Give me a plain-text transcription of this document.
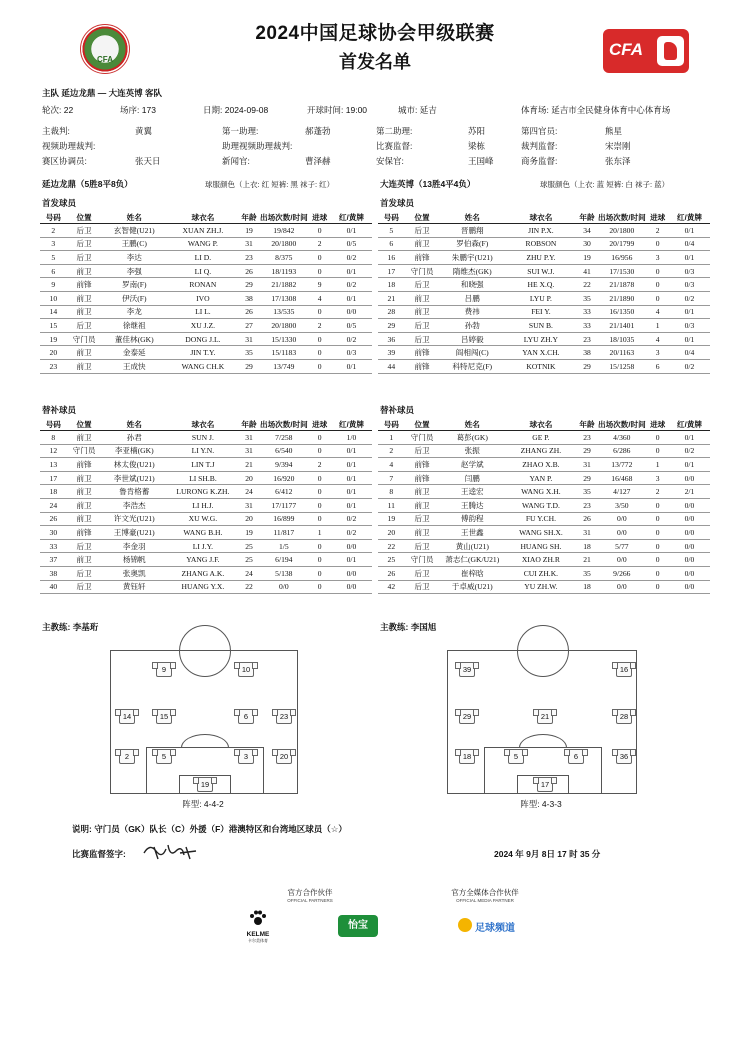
CFA
2024中国足球协会甲级联赛
首发名单
CFA
主队 延边龙鼎 — 大连英博 客队
轮次: 22	场序: 173	日期: 2024-09-08	开球时间: 19:00	城市: 延吉	体育场: 延吉市全民健身体育中心体育场
主裁判:	黄翼	第一助理:	郝蓬勃	第二助理:	苏阳	第四官员:	熊星
视频助理裁判:	助理视频助理裁判:	比赛监督:	梁栋	裁判监督:	宋崇刚
赛区协调员:	张天日	新闻官:	曹泽赫	安保官:	王国峰	商务监督:	张东泽
延边龙鼎（5胜8平8负）	球服颜色（上衣: 红 短裤: 黑 袜子: 红）	大连英博（13胜4平4负）	球服颜色（上衣: 蓝 短裤: 白 袜子: 蓝）
首发球员	首发球员
替补球员	替补球员
号码	位置	姓名	球衣名	年龄	出场次数/时间	进球	红/黄牌
2	后卫	玄智健(U21)	XUAN ZH.J.	19	19/842	0	0/1
3	后卫	王鹏(C)	WANG P.	31	20/1800	2	0/5
5	后卫	李达	LI D.	23	8/375	0	0/2
6	前卫	李强	LI Q.	26	18/1193	0	0/1
9	前锋	罗南(F)	RONAN	29	21/1882	9	0/2
10	前卫	伊沃(F)	IVO	38	17/1308	4	0/1
14	前卫	李龙	LI L.	26	13/535	0	0/0
15	后卫	徐继祖	XU J.Z.	27	20/1800	2	0/5
19	守门员	董佳林(GK)	DONG J.L.	31	15/1330	0	0/2
20	前卫	金泰延	JIN T.Y.	35	15/1183	0	0/3
23	前卫	王成快	WANG CH.K	29	13/749	0	0/1
号码	位置	姓名	球衣名	年龄	出场次数/时间	进球	红/黄牌
5	后卫	晋鹏翔	JIN P.X.	34	20/1800	2	0/1
6	前卫	罗伯森(F)	ROBSON	30	20/1799	0	0/4
16	前锋	朱鹏宇(U21)	ZHU P.Y.	19	16/956	3	0/1
17	守门员	隋维杰(GK)	SUI W.J.	41	17/1530	0	0/3
18	后卫	和晓强	HE X.Q.	22	21/1878	0	0/3
21	前卫	吕鹏	LYU P.	35	21/1890	0	0/2
28	前卫	费祎	FEI Y.	33	16/1350	4	0/1
29	后卫	孙勃	SUN B.	33	21/1401	1	0/3
36	后卫	吕婷毅	LYU ZH.Y	23	18/1035	4	0/1
39	前锋	阎相闯(C)	YAN X.CH.	38	20/1163	3	0/4
44	前锋	科特尼克(F)	KOTNIK	29	15/1258	6	0/2
号码	位置	姓名	球衣名	年龄	出场次数/时间	进球	红/黄牌
8	前卫	孙君	SUN J.	31	7/258	0	1/0
12	守门员	李亚楠(GK)	LI Y.N.	31	6/540	0	0/1
13	前锋	林太俊(U21)	LIN T.J	21	9/394	2	0/1
17	前卫	李世斌(U21)	LI SH.B.	20	16/920	0	0/1
18	前卫	鲁肯格蓄	LURONG K.ZH.	24	6/412	0	0/1
24	前卫	李浩杰	LI H.J.	31	17/1177	0	0/1
26	前卫	许文光(U21)	XU W.G.	20	16/899	0	0/2
30	前锋	王博豪(U21)	WANG B.H.	19	11/817	1	0/2
33	后卫	李金羽	LI J.Y.	25	1/5	0	0/0
37	前卫	杨锦帆	YANG J.F.	25	6/194	0	0/1
38	后卫	张奥凯	ZHANG A.K.	24	5/138	0	0/0
40	后卫	黄钰轩	HUANG Y.X.	22	0/0	0	0/0
号码	位置	姓名	球衣名	年龄	出场次数/时间	进球	红/黄牌
1	守门员	葛彭(GK)	GE P.	23	4/360	0	0/1
2	后卫	张振	ZHANG ZH.	29	6/286	0	0/2
4	前锋	赵学斌	ZHAO X.B.	31	13/772	1	0/1
7	前锋	闫鹏	YAN P.	29	16/468	3	0/0
8	前卫	王逵宏	WANG X.H.	35	4/127	2	2/1
11	前卫	王腾达	WANG T.D.	23	3/50	0	0/0
19	后卫	傅韵程	FU Y.CH.	26	0/0	0	0/0
20	前卫	王世鑫	WANG SH.X.	31	0/0	0	0/0
22	后卫	黄山(U21)	HUANG SH.	18	5/77	0	0/0
25	守门员	萧志仁(GK/U21)	XIAO ZH.R	21	0/0	0	0/0
26	后卫	崔梓晗	CUI ZH.K.	35	9/266	0	0/0
42	后卫	于卓威(U21)	YU ZH.W.	18	0/0	0	0/0
主教练: 李基珩	主教练: 李国旭
9	10
14	15	6	23
2	5	3	20
19
39	16
29	21	28
18	5	6	36
17
阵型: 4-4-2	阵型: 4-3-3
说明: 守门员（GK）队长（C）外援（F）港澳特区和台湾地区球员（☆）
比赛监督签字:	2024 年 9月 8日 17 时 35 分
官方合作伙伴
OFFICIAL PARTNERS
官方全媒体合作伙伴
OFFICIAL MEDIA PARTNER
KELME
卡尔美体育
怡宝	足球频道
